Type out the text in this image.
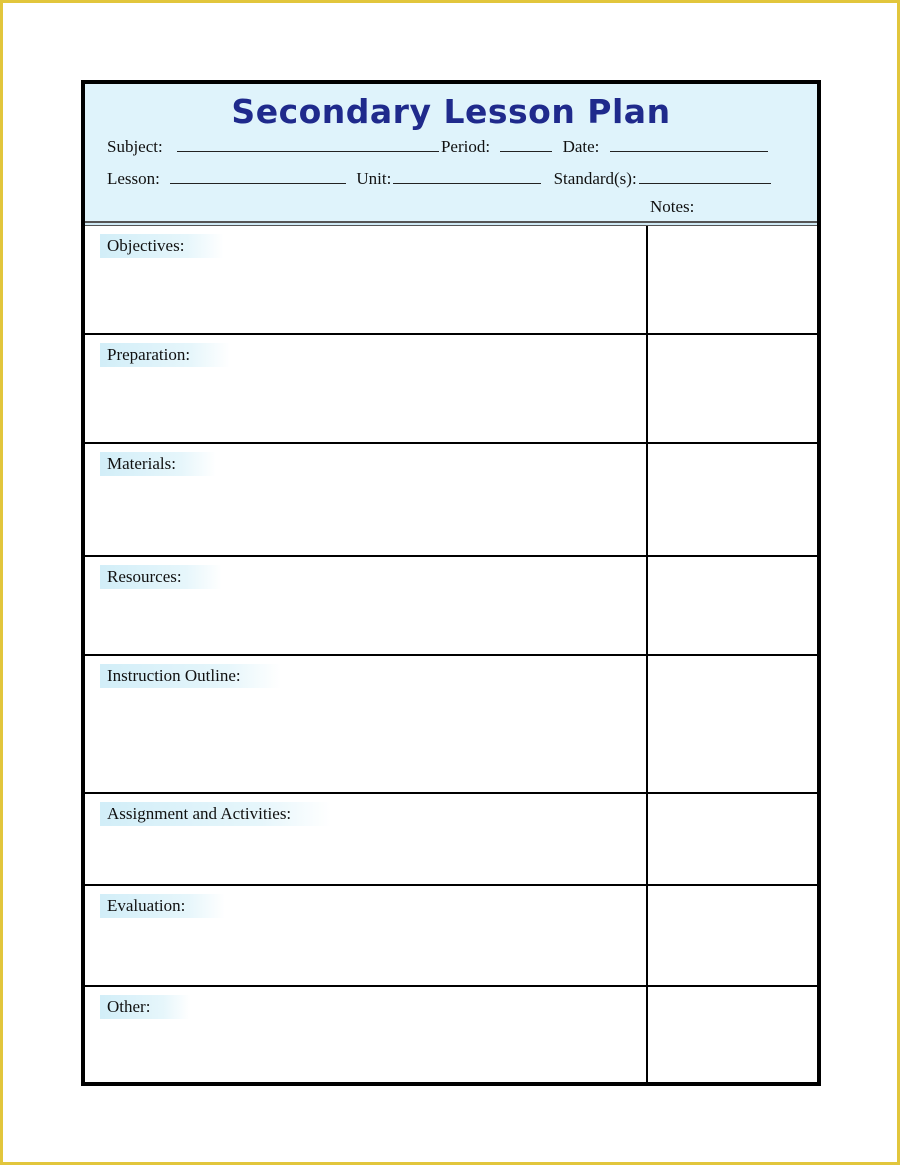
Secondary Lesson Plan
Subject:	Period:	Date:
Lesson:	Unit:	Standard(s):
Notes:
Objectives:
Preparation:
Materials:
Resources:
Instruction Outline:
Assignment and Activities:
Evaluation:
Other:
